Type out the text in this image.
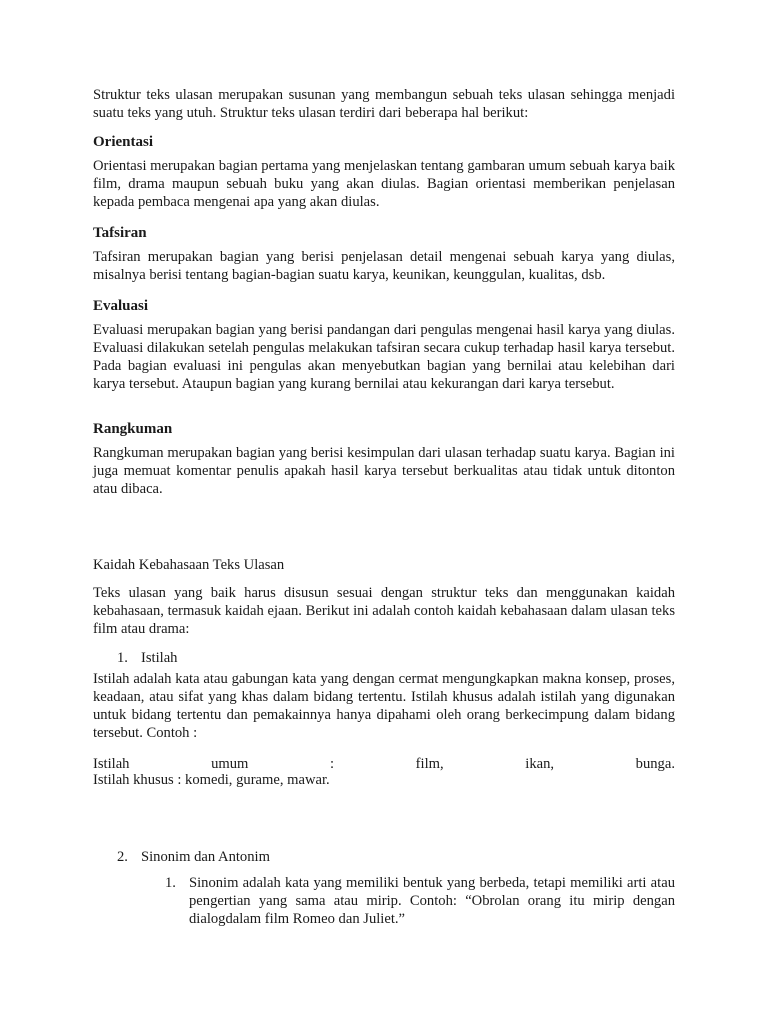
Struktur teks ulasan merupakan susunan yang membangun sebuah teks ulasan sehingga menjadi suatu teks yang utuh. Struktur teks ulasan terdiri dari beberapa hal berikut:

Orientasi

Orientasi merupakan bagian pertama yang menjelaskan tentang gambaran umum sebuah karya baik film, drama maupun sebuah buku yang akan diulas. Bagian orientasi memberikan penjelasan kepada pembaca mengenai apa yang akan diulas.

Tafsiran

Tafsiran merupakan bagian yang berisi penjelasan detail mengenai sebuah karya yang diulas, misalnya berisi tentang bagian-bagian suatu karya, keunikan, keunggulan, kualitas, dsb.

Evaluasi

Evaluasi merupakan bagian yang berisi pandangan dari pengulas mengenai hasil karya yang diulas. Evaluasi dilakukan setelah pengulas melakukan tafsiran secara cukup terhadap hasil karya tersebut. Pada bagian evaluasi ini pengulas akan menyebutkan bagian yang bernilai atau kelebihan dari karya tersebut. Ataupun bagian yang kurang bernilai atau kekurangan dari karya tersebut.

Rangkuman

Rangkuman merupakan bagian yang berisi kesimpulan dari ulasan terhadap suatu karya. Bagian ini juga memuat komentar penulis apakah hasil karya tersebut berkualitas atau tidak untuk ditonton atau dibaca.

Kaidah Kebahasaan Teks Ulasan

Teks ulasan yang baik harus disusun sesuai dengan struktur teks dan menggunakan kaidah kebahasaan, termasuk kaidah ejaan. Berikut ini adalah contoh kaidah kebahasaan dalam ulasan teks film atau drama:

1. Istilah

Istilah adalah kata atau gabungan kata yang dengan cermat mengungkapkan makna konsep, proses, keadaan, atau sifat yang khas dalam bidang tertentu. Istilah khusus adalah istilah yang digunakan untuk bidang tertentu dan pemakainnya hanya dipahami oleh orang berkecimpung dalam bidang tersebut. Contoh :

Istilah	umum	:	film,	ikan,	bunga.

Istilah khusus : komedi, gurame, mawar.

2. Sinonim dan Antonim
1. Sinonim adalah kata yang memiliki bentuk yang berbeda, tetapi memiliki arti atau pengertian yang sama atau mirip. Contoh: “Obrolan orang itu mirip dengan dialogdalam film Romeo dan Juliet.”
